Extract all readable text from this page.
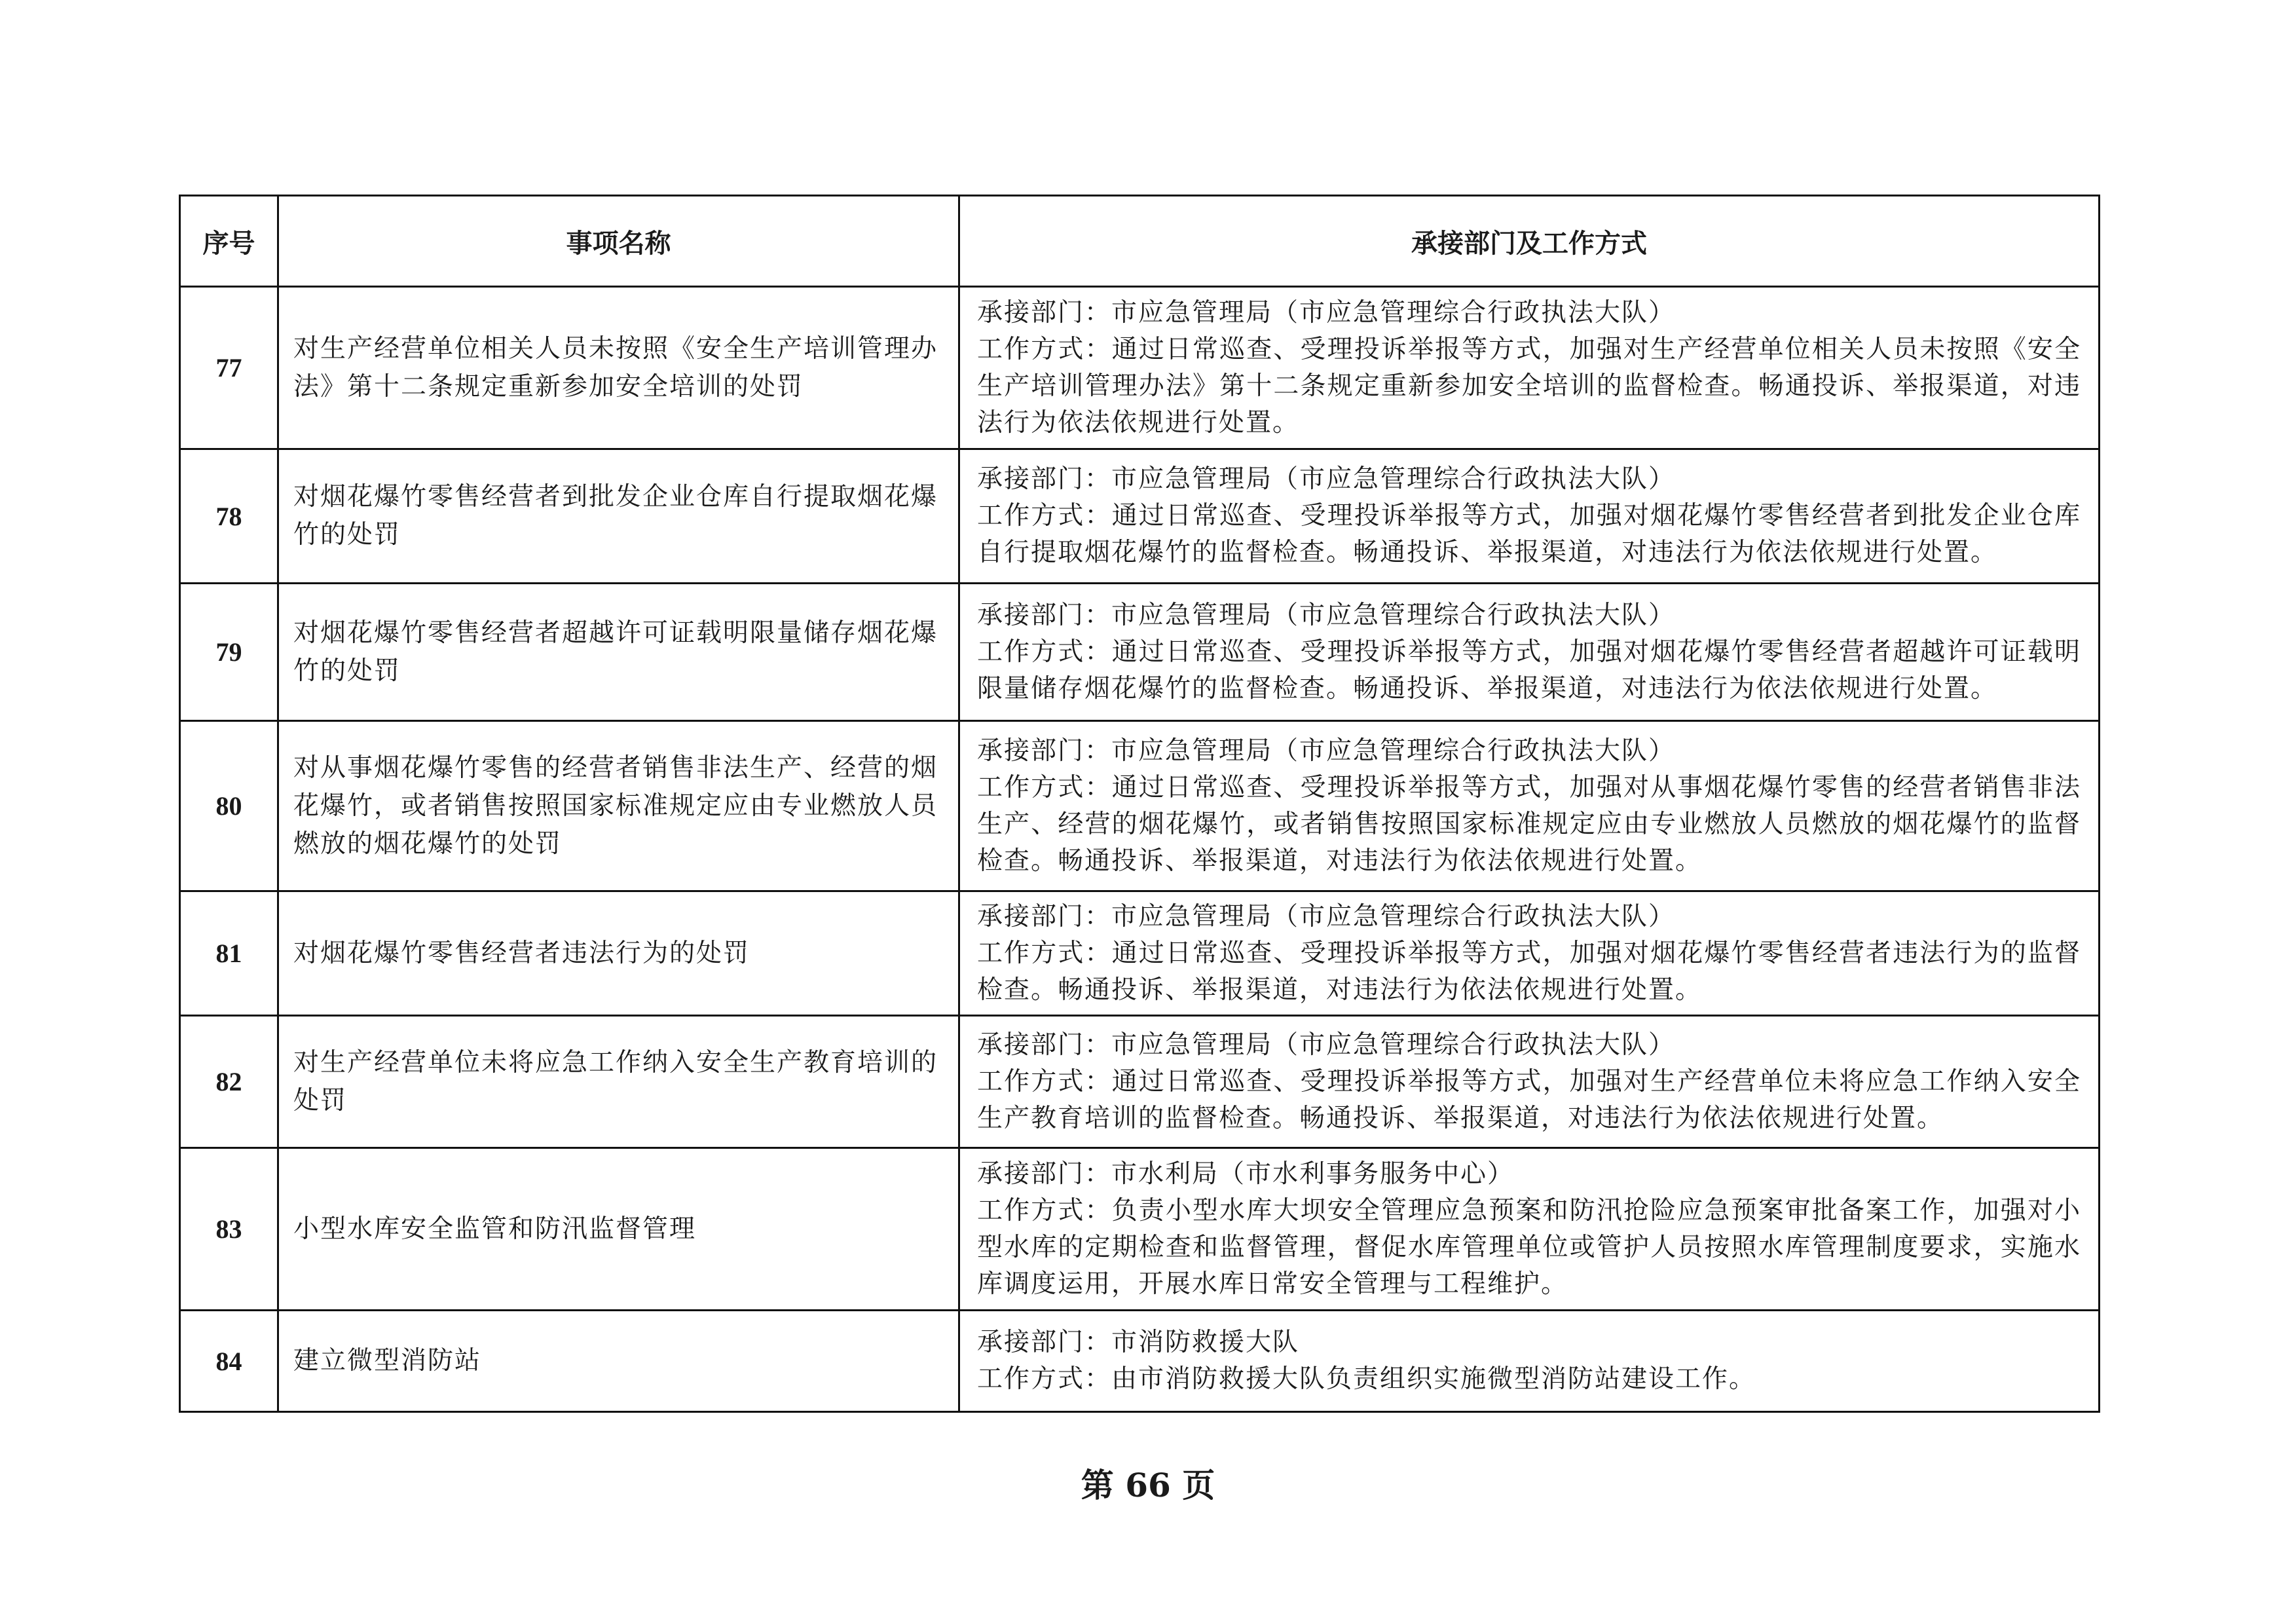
序号	事项名称	承接部门及工作方式
77	对生产经营单位相关人员未按照《安全生产培训管理办法》第十二条规定重新参加安全培训的处罚	承接部门：市应急管理局（市应急管理综合行政执法大队）
工作方式：通过日常巡查、受理投诉举报等方式，加强对生产经营单位相关人员未按照《安全生产培训管理办法》第十二条规定重新参加安全培训的监督检查。畅通投诉、举报渠道，对违法行为依法依规进行处置。

78	对烟花爆竹零售经营者到批发企业仓库自行提取烟花爆竹的处罚	承接部门：市应急管理局（市应急管理综合行政执法大队）
工作方式：通过日常巡查、受理投诉举报等方式，加强对烟花爆竹零售经营者到批发企业仓库自行提取烟花爆竹的监督检查。畅通投诉、举报渠道，对违法行为依法依规进行处置。

79	对烟花爆竹零售经营者超越许可证载明限量储存烟花爆竹的处罚	承接部门：市应急管理局（市应急管理综合行政执法大队）
工作方式：通过日常巡查、受理投诉举报等方式，加强对烟花爆竹零售经营者超越许可证载明限量储存烟花爆竹的监督检查。畅通投诉、举报渠道，对违法行为依法依规进行处置。

80	对从事烟花爆竹零售的经营者销售非法生产、经营的烟花爆竹，或者销售按照国家标准规定应由专业燃放人员燃放的烟花爆竹的处罚	承接部门：市应急管理局（市应急管理综合行政执法大队）
工作方式：通过日常巡查、受理投诉举报等方式，加强对从事烟花爆竹零售的经营者销售非法生产、经营的烟花爆竹，或者销售按照国家标准规定应由专业燃放人员燃放的烟花爆竹的监督检查。畅通投诉、举报渠道，对违法行为依法依规进行处置。

81	对烟花爆竹零售经营者违法行为的处罚	承接部门：市应急管理局（市应急管理综合行政执法大队）
工作方式：通过日常巡查、受理投诉举报等方式，加强对烟花爆竹零售经营者违法行为的监督检查。畅通投诉、举报渠道，对违法行为依法依规进行处置。

82	对生产经营单位未将应急工作纳入安全生产教育培训的处罚	承接部门：市应急管理局（市应急管理综合行政执法大队）
工作方式：通过日常巡查、受理投诉举报等方式，加强对生产经营单位未将应急工作纳入安全生产教育培训的监督检查。畅通投诉、举报渠道，对违法行为依法依规进行处置。

83	小型水库安全监管和防汛监督管理	承接部门：市水利局（市水利事务服务中心）
工作方式：负责小型水库大坝安全管理应急预案和防汛抢险应急预案审批备案工作，加强对小型水库的定期检查和监督管理，督促水库管理单位或管护人员按照水库管理制度要求，实施水库调度运用，开展水库日常安全管理与工程维护。

84	建立微型消防站	承接部门：市消防救援大队
工作方式：由市消防救援大队负责组织实施微型消防站建设工作。
第 66 页
